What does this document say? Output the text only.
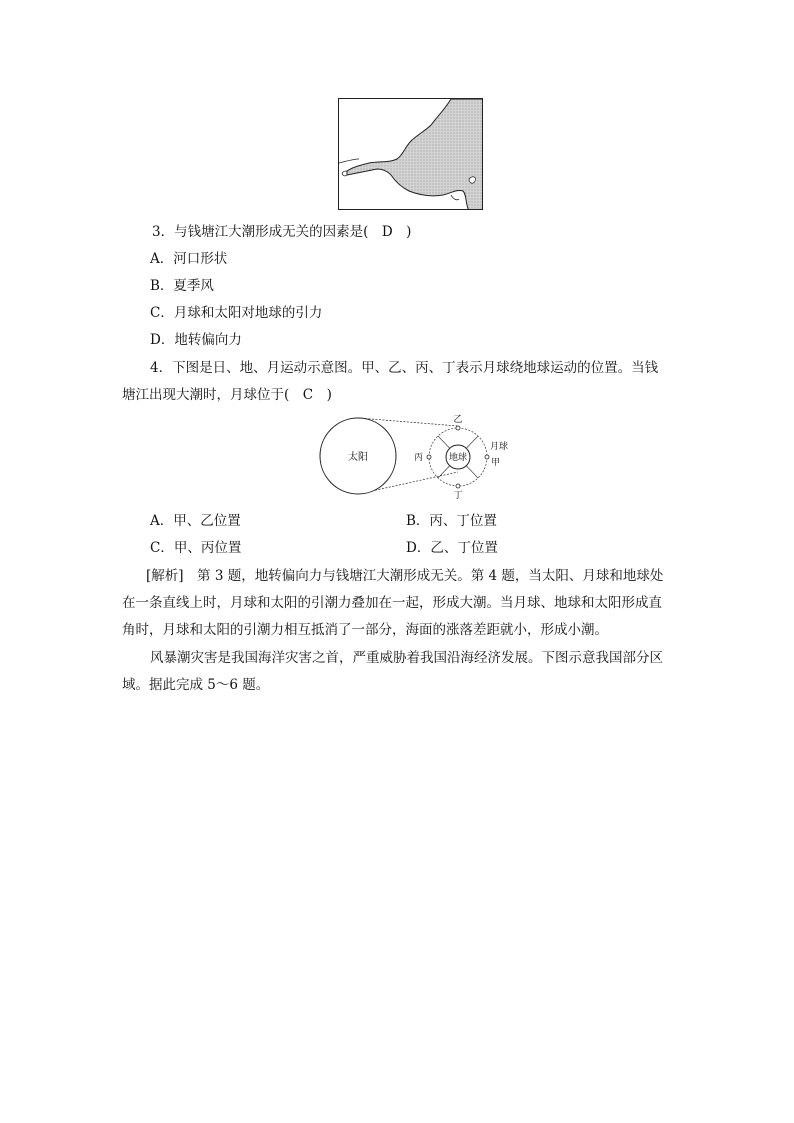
3．与钱塘江大潮形成无关的因素是(　D　)
A．河口形状
B．夏季风
C．月球和太阳对地球的引力
D．地转偏向力
4．下图是日、地、月运动示意图。甲、乙、丙、丁表示月球绕地球运动的位置。当钱
塘江出现大潮时，月球位于(　C　)
太阳	地球
乙
丁
丙	甲
月球
A．甲、乙位置	B．丙、丁位置
C．甲、丙位置	D．乙、丁位置
[解析]　第 3 题，地转偏向力与钱塘江大潮形成无关。第 4 题，当太阳、月球和地球处
在一条直线上时，月球和太阳的引潮力叠加在一起，形成大潮。当月球、地球和太阳形成直
角时，月球和太阳的引潮力相互抵消了一部分，海面的涨落差距就小，形成小潮。
风暴潮灾害是我国海洋灾害之首，严重威胁着我国沿海经济发展。下图示意我国部分区
域。据此完成 5～6 题。
